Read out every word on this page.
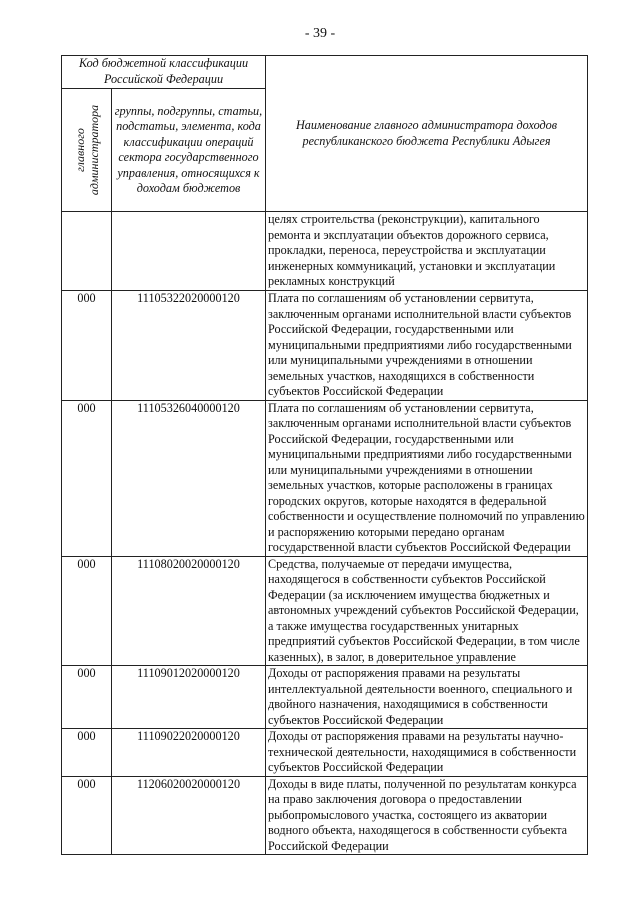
- 39 -
Код бюджетной классификации Российской Федерации		Наименование главного администратора доходов республиканского бюджета Республики Адыгея

главного администратора	группы, подгруппы, статьи, подстатьи, элемента, кода классификации операций сектора государственного управления, относящихся к доходам бюджетов	
		целях строительства (реконструкции), капитального ремонта и эксплуатации объектов дорожного сервиса, прокладки, переноса, переустройства и эксплуатации инженерных коммуникаций, установки и эксплуатации рекламных конструкций
000	11105322020000120	Плата по соглашениям об установлении сервитута, заключенным органами исполнительной власти субъектов Российской Федерации, государственными или муниципальными предприятиями либо государственными или муниципальными учреждениями в отношении земельных участков, находящихся в собственности субъектов Российской Федерации
000	11105326040000120	Плата по соглашениям об установлении сервитута, заключенным органами исполнительной власти субъектов Российской Федерации, государственными или муниципальными предприятиями либо государственными или муниципальными учреждениями в отношении земельных участков, которые расположены в границах городских округов, которые находятся в федеральной собственности и осуществление полномочий по управлению и распоряжению которыми передано органам государственной власти субъектов Российской Федерации
000	11108020020000120	Средства, получаемые от передачи имущества, находящегося в собственности субъектов Российской Федерации (за исключением имущества бюджетных и автономных учреждений субъектов Российской Федерации, а также имущества государственных унитарных предприятий субъектов Российской Федерации, в том числе казенных), в залог, в доверительное управление
000	11109012020000120	Доходы от распоряжения правами на результаты интеллектуальной деятельности военного, специального и двойного назначения, находящимися в собственности субъектов Российской Федерации
000	11109022020000120	Доходы от распоряжения правами на результаты научно-технической деятельности, находящимися в собственности субъектов Российской Федерации
000	11206020020000120	Доходы в виде платы, полученной по результатам конкурса на право заключения договора о предоставлении рыбопромыслового участка, состоящего из акватории водного объекта, находящегося в собственности субъекта Российской Федерации
